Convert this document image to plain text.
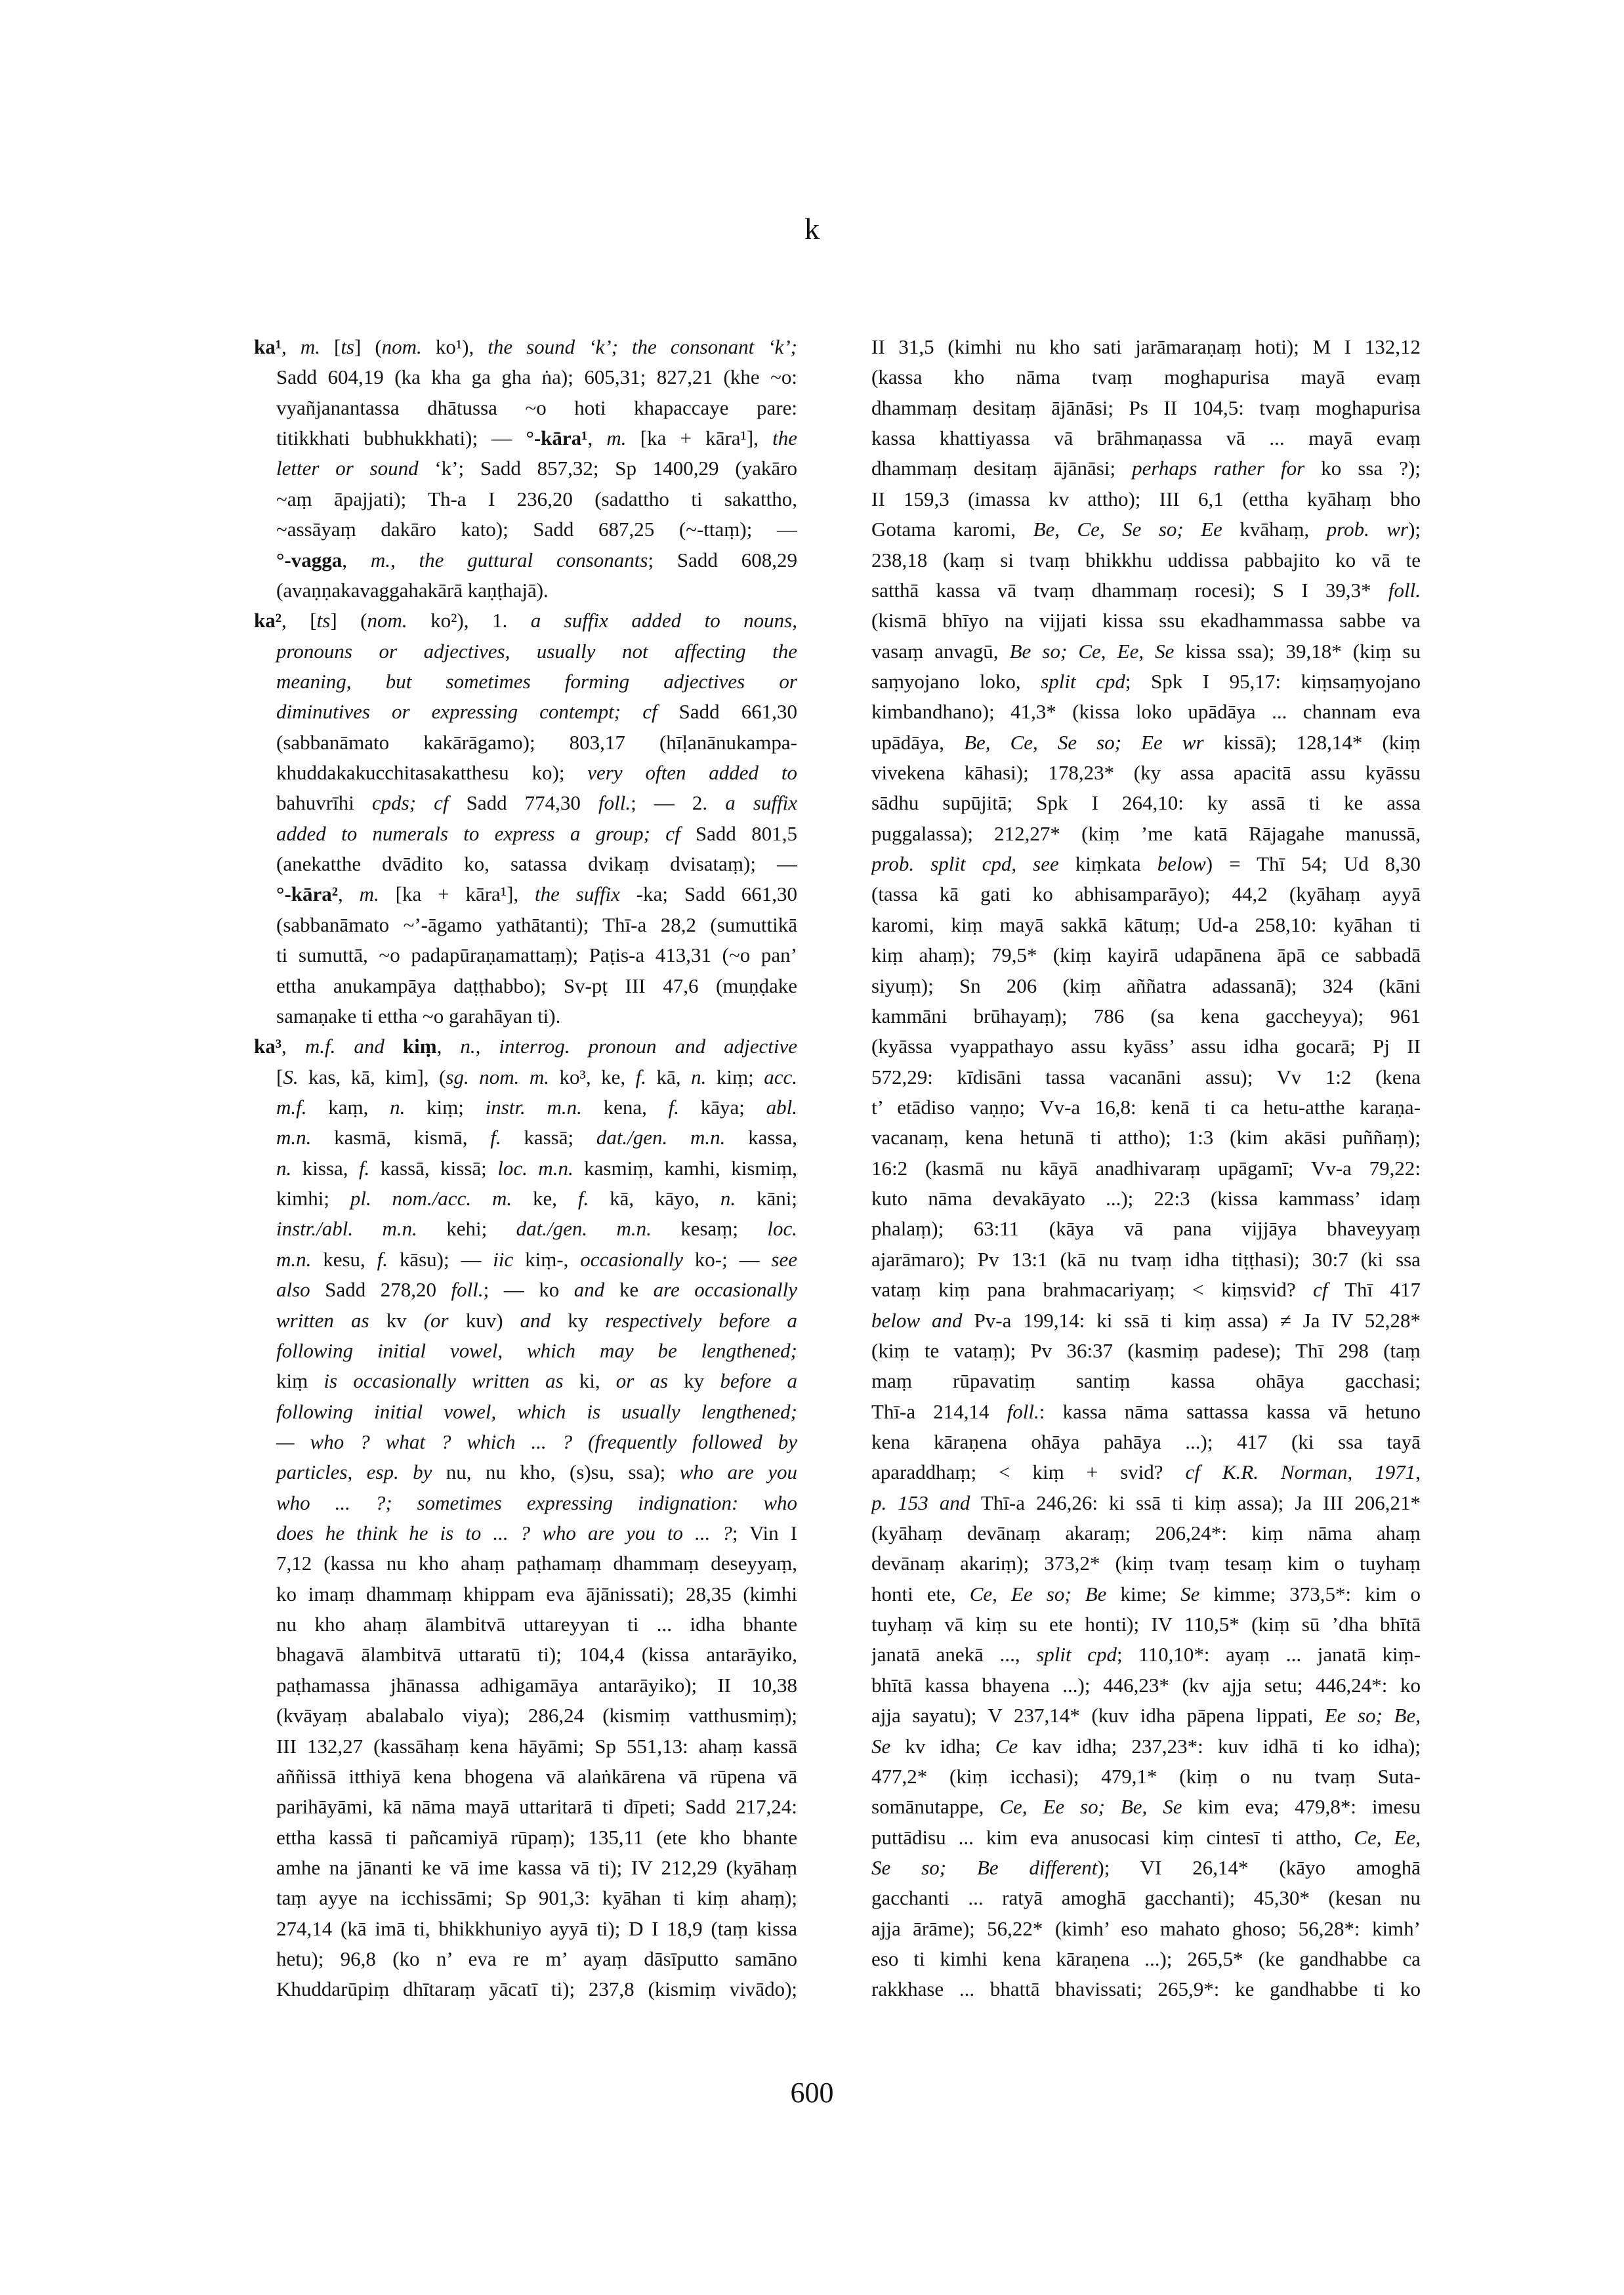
k
ka¹, m. [ts] (nom. ko¹), the sound ‘k’; the consonant ‘k’;
Sadd 604,19 (ka kha ga gha ṅa); 605,31; 827,21 (khe ~o:
vyañjanantassa dhātussa ~o hoti khapaccaye pare:
titikkhati bubhukkhati); — °-kāra¹, m. [ka + kāra¹], the
letter or sound ‘k’; Sadd 857,32; Sp 1400,29 (yakāro
~aṃ āpajjati); Th-a I 236,20 (sadattho ti sakattho,
~assāyaṃ dakāro kato); Sadd 687,25 (~-ttaṃ); —
°-vagga, m., the guttural consonants; Sadd 608,29
(avaṇṇakavaggahakārā kaṇṭhajā).
ka², [ts] (nom. ko²), 1. a suffix added to nouns,
pronouns or adjectives, usually not affecting the
meaning, but sometimes forming adjectives or
diminutives or expressing contempt; cf Sadd 661,30
(sabbanāmato kakārāgamo); 803,17 (hīḷanānukampa-
khuddakakucchitasakatthesu ko); very often added to
bahuvrīhi cpds; cf Sadd 774,30 foll.; — 2. a suffix
added to numerals to express a group; cf Sadd 801,5
(anekatthe dvādito ko, satassa dvikaṃ dvisataṃ); —
°-kāra², m. [ka + kāra¹], the suffix -ka; Sadd 661,30
(sabbanāmato ~’-āgamo yathātanti); Thī-a 28,2 (sumuttikā
ti sumuttā, ~o padapūraṇamattaṃ); Paṭis-a 413,31 (~o pan’
ettha anukampāya daṭṭhabbo); Sv-pṭ III 47,6 (muṇḍake
samaṇake ti ettha ~o garahāyan ti).
ka³, m.f. and kiṃ, n., interrog. pronoun and adjective
[S. kas, kā, kim], (sg. nom. m. ko³, ke, f. kā, n. kiṃ; acc.
m.f. kaṃ, n. kiṃ; instr. m.n. kena, f. kāya; abl.
m.n. kasmā, kismā, f. kassā; dat./gen. m.n. kassa,
n. kissa, f. kassā, kissā; loc. m.n. kasmiṃ, kamhi, kismiṃ,
kimhi; pl. nom./acc. m. ke, f. kā, kāyo, n. kāni;
instr./abl. m.n. kehi; dat./gen. m.n. kesaṃ; loc.
m.n. kesu, f. kāsu); — iic kiṃ-, occasionally ko-; — see
also Sadd 278,20 foll.; — ko and ke are occasionally
written as kv (or kuv) and ky respectively before a
following initial vowel, which may be lengthened;
kiṃ is occasionally written as ki, or as ky before a
following initial vowel, which is usually lengthened;
— who ? what ? which ... ? (frequently followed by
particles, esp. by nu, nu kho, (s)su, ssa); who are you
who ... ?; sometimes expressing indignation: who
does he think he is to ... ? who are you to ... ?; Vin I
7,12 (kassa nu kho ahaṃ paṭhamaṃ dhammaṃ deseyyaṃ,
ko imaṃ dhammaṃ khippam eva ājānissati); 28,35 (kimhi
nu kho ahaṃ ālambitvā uttareyyan ti ... idha bhante
bhagavā ālambitvā uttaratū ti); 104,4 (kissa antarāyiko,
paṭhamassa jhānassa adhigamāya antarāyiko); II 10,38
(kvāyaṃ abalabalo viya); 286,24 (kismiṃ vatthusmiṃ);
III 132,27 (kassāhaṃ kena hāyāmi; Sp 551,13: ahaṃ kassā
aññissā itthiyā kena bhogena vā alaṅkārena vā rūpena vā
parihāyāmi, kā nāma mayā uttaritarā ti dīpeti; Sadd 217,24:
ettha kassā ti pañcamiyā rūpaṃ); 135,11 (ete kho bhante
amhe na jānanti ke vā ime kassa vā ti); IV 212,29 (kyāhaṃ
taṃ ayye na icchissāmi; Sp 901,3: kyāhan ti kiṃ ahaṃ);
274,14 (kā imā ti, bhikkhuniyo ayyā ti); D I 18,9 (taṃ kissa
hetu); 96,8 (ko n’ eva re m’ ayaṃ dāsīputto samāno
Khuddarūpiṃ dhītaraṃ yācatī ti); 237,8 (kismiṃ vivādo);
II 31,5 (kimhi nu kho sati jarāmaraṇaṃ hoti); M I 132,12
(kassa kho nāma tvaṃ moghapurisa mayā evaṃ
dhammaṃ desitaṃ ājānāsi; Ps II 104,5: tvaṃ moghapurisa
kassa khattiyassa vā brāhmaṇassa vā ... mayā evaṃ
dhammaṃ desitaṃ ājānāsi; perhaps rather for ko ssa ?);
II 159,3 (imassa kv attho); III 6,1 (ettha kyāhaṃ bho
Gotama karomi, Be, Ce, Se so; Ee kvāhaṃ, prob. wr);
238,18 (kaṃ si tvaṃ bhikkhu uddissa pabbajito ko vā te
satthā kassa vā tvaṃ dhammaṃ rocesi); S I 39,3* foll.
(kismā bhīyo na vijjati kissa ssu ekadhammassa sabbe va
vasaṃ anvagū, Be so; Ce, Ee, Se kissa ssa); 39,18* (kiṃ su
saṃyojano loko, split cpd; Spk I 95,17: kiṃsaṃyojano
kimbandhano); 41,3* (kissa loko upādāya ... channam eva
upādāya, Be, Ce, Se so; Ee wr kissā); 128,14* (kiṃ
vivekena kāhasi); 178,23* (ky assa apacitā assu kyāssu
sādhu supūjitā; Spk I 264,10: ky assā ti ke assa
puggalassa); 212,27* (kiṃ ’me katā Rājagahe manussā,
prob. split cpd, see kiṃkata below) = Thī 54; Ud 8,30
(tassa kā gati ko abhisamparāyo); 44,2 (kyāhaṃ ayyā
karomi, kiṃ mayā sakkā kātuṃ; Ud-a 258,10: kyāhan ti
kiṃ ahaṃ); 79,5* (kiṃ kayirā udapānena āpā ce sabbadā
siyuṃ); Sn 206 (kiṃ aññatra adassanā); 324 (kāni
kammāni brūhayaṃ); 786 (sa kena gaccheyya); 961
(kyāssa vyappathayo assu kyāss’ assu idha gocarā; Pj II
572,29: kīdisāni tassa vacanāni assu); Vv 1:2 (kena
t’ etādiso vaṇṇo; Vv-a 16,8: kenā ti ca hetu-atthe karaṇa-
vacanaṃ, kena hetunā ti attho); 1:3 (kim akāsi puññaṃ);
16:2 (kasmā nu kāyā anadhivaraṃ upāgamī; Vv-a 79,22:
kuto nāma devakāyato ...); 22:3 (kissa kammass’ idaṃ
phalaṃ); 63:11 (kāya vā pana vijjāya bhaveyyaṃ
ajarāmaro); Pv 13:1 (kā nu tvaṃ idha tiṭṭhasi); 30:7 (ki ssa
vataṃ kiṃ pana brahmacariyaṃ; < kiṃsvid? cf Thī 417
below and Pv-a 199,14: ki ssā ti kiṃ assa) ≠ Ja IV 52,28*
(kiṃ te vataṃ); Pv 36:37 (kasmiṃ padese); Thī 298 (taṃ
maṃ rūpavatiṃ santiṃ kassa ohāya gacchasi;
Thī-a 214,14 foll.: kassa nāma sattassa kassa vā hetuno
kena kāraṇena ohāya pahāya ...); 417 (ki ssa tayā
aparaddhaṃ; < kiṃ + svid? cf K.R. Norman, 1971,
p. 153 and Thī-a 246,26: ki ssā ti kiṃ assa); Ja III 206,21*
(kyāhaṃ devānaṃ akaraṃ; 206,24*: kiṃ nāma ahaṃ
devānaṃ akariṃ); 373,2* (kiṃ tvaṃ tesaṃ kim o tuyhaṃ
honti ete, Ce, Ee so; Be kime; Se kimme; 373,5*: kim o
tuyhaṃ vā kiṃ su ete honti); IV 110,5* (kiṃ sū ’dha bhītā
janatā anekā ..., split cpd; 110,10*: ayaṃ ... janatā kiṃ-
bhītā kassa bhayena ...); 446,23* (kv ajja setu; 446,24*: ko
ajja sayatu); V 237,14* (kuv idha pāpena lippati, Ee so; Be,
Se kv idha; Ce kav idha; 237,23*: kuv idhā ti ko idha);
477,2* (kiṃ icchasi); 479,1* (kiṃ o nu tvaṃ Suta-
somānutappe, Ce, Ee so; Be, Se kim eva; 479,8*: imesu
puttādisu ... kim eva anusocasi kiṃ cintesī ti attho, Ce, Ee,
Se so; Be different); VI 26,14* (kāyo amoghā
gacchanti ... ratyā amoghā gacchanti); 45,30* (kesan nu
ajja ārāme); 56,22* (kimh’ eso mahato ghoso; 56,28*: kimh’
eso ti kimhi kena kāraṇena ...); 265,5* (ke gandhabbe ca
rakkhase ... bhattā bhavissati; 265,9*: ke gandhabbe ti ko
600
